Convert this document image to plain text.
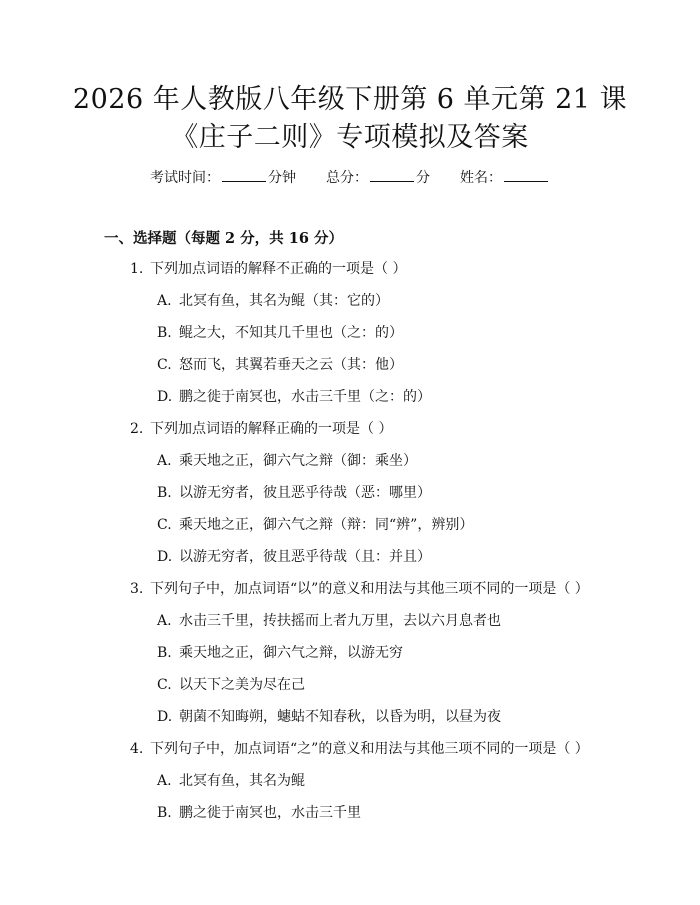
2026 年人教版八年级下册第 6 单元第 21 课
《庄子二则》专项模拟及答案
考试时间：	分钟 总分：	分 姓名：
一、选择题（每题 2 分，共 16 分）
1. 下列加点词语的解释不正确的一项是（ ）
A. 北冥有鱼，其名为鲲（其：它的）
B. 鲲之大，不知其几千里也（之：的）
C. 怒而飞，其翼若垂天之云（其：他）
D. 鹏之徙于南冥也，水击三千里（之：的）
2. 下列加点词语的解释正确的一项是（ ）
A. 乘天地之正，御六气之辩（御：乘坐）
B. 以游无穷者，彼且恶乎待哉（恶：哪里）
C. 乘天地之正，御六气之辩（辩：同“辨”，辨别）
D. 以游无穷者，彼且恶乎待哉（且：并且）
3. 下列句子中，加点词语“以”的意义和用法与其他三项不同的一项是（ ）
A. 水击三千里，抟扶摇而上者九万里，去以六月息者也
B. 乘天地之正，御六气之辩，以游无穷
C. 以天下之美为尽在己
D. 朝菌不知晦朔，蟪蛄不知春秋，以昏为明，以昼为夜
4. 下列句子中，加点词语“之”的意义和用法与其他三项不同的一项是（ ）
A. 北冥有鱼，其名为鲲
B. 鹏之徙于南冥也，水击三千里
